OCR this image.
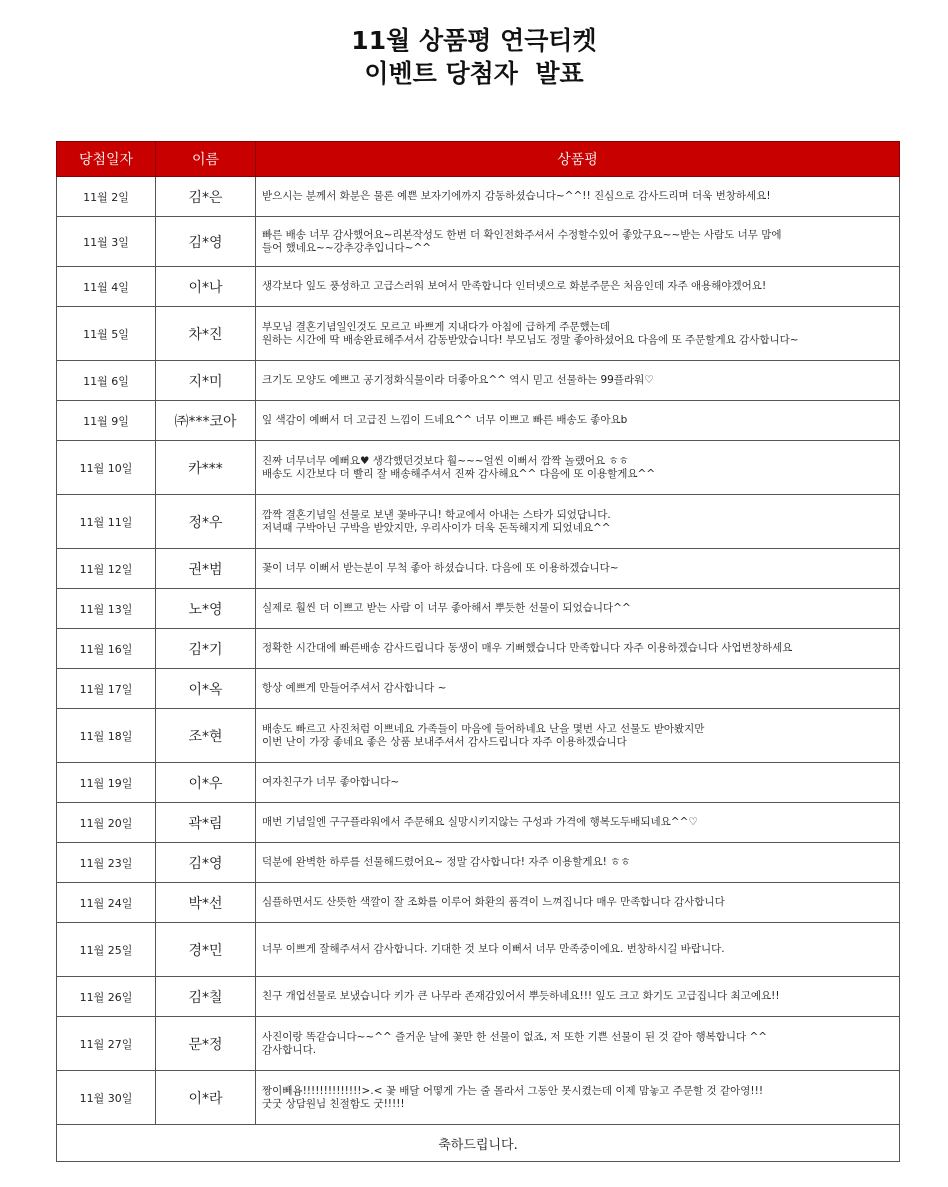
11월 상품평 연극티켓
이벤트 당첨자  발표
당첨일자	이름	상품평
11월 2일	김*은	받으시는 분께서 화분은 물론 예쁜 보자기에까지 감동하셨습니다~^^!! 진심으로 감사드리며 더욱 번창하세요!

11월 3일	김*영	빠른 배송 너무 감사했어요~리본작성도 한번 더 확인전화주셔서 수정할수있어 좋았구요~~받는 사람도 너무 맘에
들어 했네요~~강추강추입니다~^^

11월 4일	이*나	생각보다 잎도 풍성하고 고급스러워 보여서 만족합니다 인터넷으로 화분주문은 처음인데 자주 애용해야겠어요!

11월 5일	차*진	부모님 결혼기념일인것도 모르고 바쁘게 지내다가 아침에 급하게 주문했는데
원하는 시간에 딱 배송완료해주셔서 감동받았습니다! 부모님도 정말 좋아하셨어요 다음에 또 주문할게요 감사합니다~

11월 6일	지*미	크기도 모양도 예쁘고 공기정화식물이라 더좋아요^^ 역시 믿고 선물하는 99플라워♡

11월 9일	㈜***코아	잎 색감이 예뻐서 더 고급진 느낌이 드네요^^ 너무 이쁘고 빠른 배송도 좋아요b

11월 10일	카***	진짜 너무너무 예뻐요♥ 생각했던것보다 훨~~~얼씬 이뻐서 깜짝 놀랬어요 ㅎㅎ
배송도 시간보다 더 빨리 잘 배송해주셔서 진짜 감사해요^^ 다음에 또 이용할게요^^

11월 11일	정*우	깜짝 결혼기념일 선물로 보낸 꽃바구니! 학교에서 아내는 스타가 되었답니다.
저녁때 구박아닌 구박을 받았지만, 우리사이가 더욱 돈독해지게 되었네요^^

11월 12일	권*범	꽃이 너무 이뻐서 받는분이 무척 좋아 하셨습니다. 다음에 또 이용하겠습니다~

11월 13일	노*영	실제로 훨씬 더 이쁘고 받는 사람 이 너무 좋아해서 뿌듯한 선물이 되었습니다^^

11월 16일	김*기	정확한 시간대에 빠른배송 감사드립니다 동생이 매우 기뻐했습니다 만족합니다 자주 이용하겠습니다 사업번창하세요

11월 17일	이*옥	항상 예쁘게 만들어주셔서 감사합니다 ~

11월 18일	조*현	배송도 빠르고 사진처럼 이쁘네요 가족들이 마음에 들어하네요 난을 몇번 사고 선물도 받아봤지만
이번 난이 가장 좋네요 좋은 상품 보내주셔서 감사드립니다 자주 이용하겠습니다

11월 19일	이*우	여자친구가 너무 좋아합니다~

11월 20일	곽*림	매번 기념일엔 구구플라워에서 주문해요 실망시키지않는 구성과 가격에 행복도두배되네요^^♡

11월 23일	김*영	덕분에 완벽한 하루를 선물해드렸어요~ 정말 감사합니다! 자주 이용할게요! ㅎㅎ

11월 24일	박*선	심플하면서도 산뜻한 색깔이 잘 조화를 이루어 화환의 품격이 느껴집니다 매우 만족합니다 감사합니다

11월 25일	경*민	너무 이쁘게 잘해주셔서 감사합니다. 기대한 것 보다 이뻐서 너무 만족중이에요. 번창하시길 바랍니다.

11월 26일	김*칠	친구 개업선물로 보냈습니다 키가 큰 나무라 존재감있어서 뿌듯하네요!!! 잎도 크고 화기도 고급집니다 최고예요!!

11월 27일	문*정	사진이랑 똑같습니다~~^^ 즐거운 날에 꽃만 한 선물이 없죠, 저 또한 기쁜 선물이 된 것 같아 행복합니다 ^^
감사합니다.

11월 30일	이*라	짱이빼욤!!!!!!!!!!!!!!>.< 꽃 배달 어떻게 가는 줄 몰라서 그동안 못시켰는데 이제 맘놓고 주문할 것 같아영!!!
굿굿 상담원님 친절함도 굿!!!!!

축하드립니다.		
